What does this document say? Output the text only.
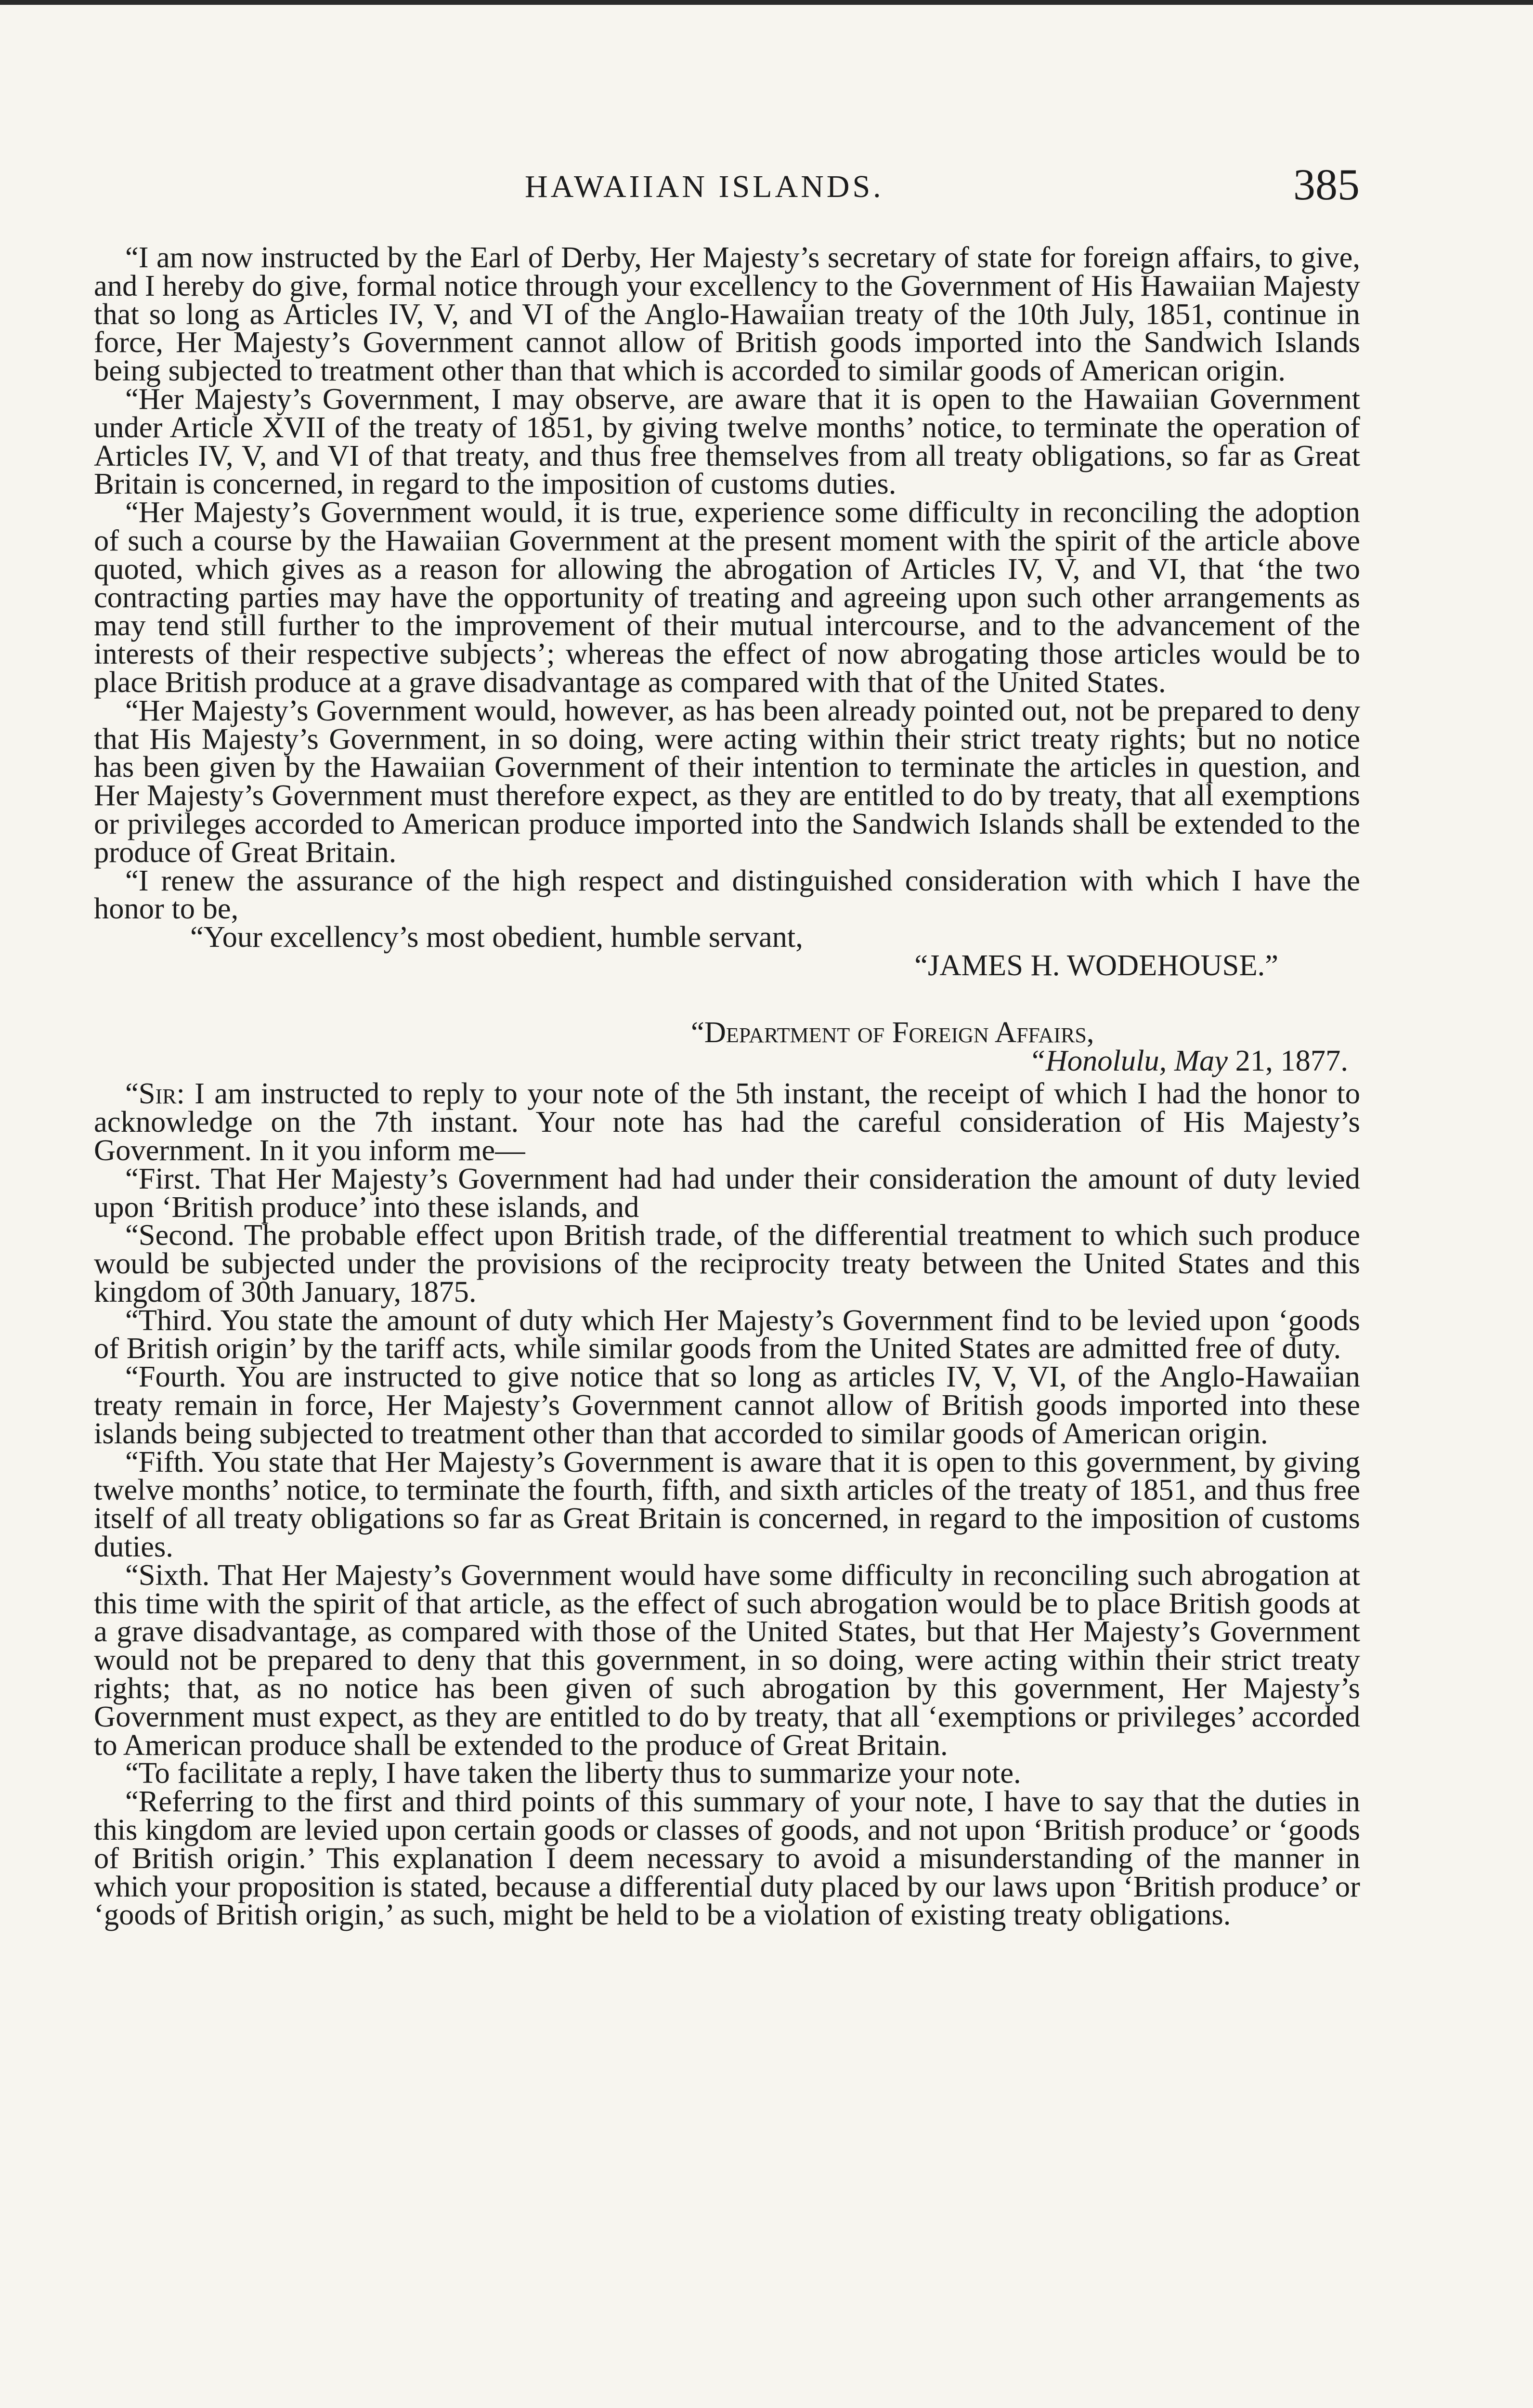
HAWAIIAN ISLANDS.	385

“I am now instructed by the Earl of Derby, Her Majesty’s secretary of state for foreign affairs, to give, and I hereby do give, formal notice through your excellency to the Government of His Hawaiian Majesty that so long as Articles IV, V, and VI of the Anglo-Hawaiian treaty of the 10th July, 1851, continue in force, Her Majesty’s Government cannot allow of British goods imported into the Sandwich Islands being subjected to treatment other than that which is accorded to similar goods of American origin.

“Her Majesty’s Government, I may observe, are aware that it is open to the Hawaiian Government under Article XVII of the treaty of 1851, by giving twelve months’ notice, to terminate the operation of Articles IV, V, and VI of that treaty, and thus free themselves from all treaty obligations, so far as Great Britain is concerned, in regard to the imposition of customs duties.

“Her Majesty’s Government would, it is true, experience some difficulty in reconciling the adoption of such a course by the Hawaiian Government at the present moment with the spirit of the article above quoted, which gives as a reason for allowing the abrogation of Articles IV, V, and VI, that ‘the two contracting parties may have the opportunity of treating and agreeing upon such other arrangements as may tend still further to the improvement of their mutual intercourse, and to the advancement of the interests of their respective subjects’; whereas the effect of now abrogating those articles would be to place British produce at a grave disadvantage as compared with that of the United States.

“Her Majesty’s Government would, however, as has been already pointed out, not be prepared to deny that His Majesty’s Government, in so doing, were acting within their strict treaty rights; but no notice has been given by the Hawaiian Government of their intention to terminate the articles in question, and Her Majesty’s Government must therefore expect, as they are entitled to do by treaty, that all exemptions or privileges accorded to American produce imported into the Sandwich Islands shall be extended to the produce of Great Britain.

“I renew the assurance of the high respect and distinguished consideration with which I have the honor to be,

“Your excellency’s most obedient, humble servant,

“JAMES H. WODEHOUSE.”

“Department of Foreign Affairs,

“Honolulu, May 21, 1877.

“Sir: I am instructed to reply to your note of the 5th instant, the receipt of which I had the honor to acknowledge on the 7th instant. Your note has had the careful consideration of His Majesty’s Government. In it you inform me—

“First. That Her Majesty’s Government had had under their consideration the amount of duty levied upon ‘British produce’ into these islands, and

“Second. The probable effect upon British trade, of the differential treatment to which such produce would be subjected under the provisions of the reciprocity treaty between the United States and this kingdom of 30th January, 1875.

“Third. You state the amount of duty which Her Majesty’s Government find to be levied upon ‘goods of British origin’ by the tariff acts, while similar goods from the United States are admitted free of duty.

“Fourth. You are instructed to give notice that so long as articles IV, V, VI, of the Anglo-Hawaiian treaty remain in force, Her Majesty’s Government cannot allow of British goods imported into these islands being subjected to treatment other than that accorded to similar goods of American origin.

“Fifth. You state that Her Majesty’s Government is aware that it is open to this government, by giving twelve months’ notice, to terminate the fourth, fifth, and sixth articles of the treaty of 1851, and thus free itself of all treaty obligations so far as Great Britain is concerned, in regard to the imposition of customs duties.

“Sixth. That Her Majesty’s Government would have some difficulty in reconciling such abrogation at this time with the spirit of that article, as the effect of such abrogation would be to place British goods at a grave disadvantage, as compared with those of the United States, but that Her Majesty’s Government would not be prepared to deny that this government, in so doing, were acting within their strict treaty rights; that, as no notice has been given of such abrogation by this government, Her Majesty’s Government must expect, as they are entitled to do by treaty, that all ‘exemptions or privileges’ accorded to American produce shall be extended to the produce of Great Britain.

“To facilitate a reply, I have taken the liberty thus to summarize your note.

“Referring to the first and third points of this summary of your note, I have to say that the duties in this kingdom are levied upon certain goods or classes of goods, and not upon ‘British produce’ or ‘goods of British origin.’ This explanation I deem necessary to avoid a misunderstanding of the manner in which your proposition is stated, because a differential duty placed by our laws upon ‘British produce’ or ‘goods of British origin,’ as such, might be held to be a violation of existing treaty obligations.
